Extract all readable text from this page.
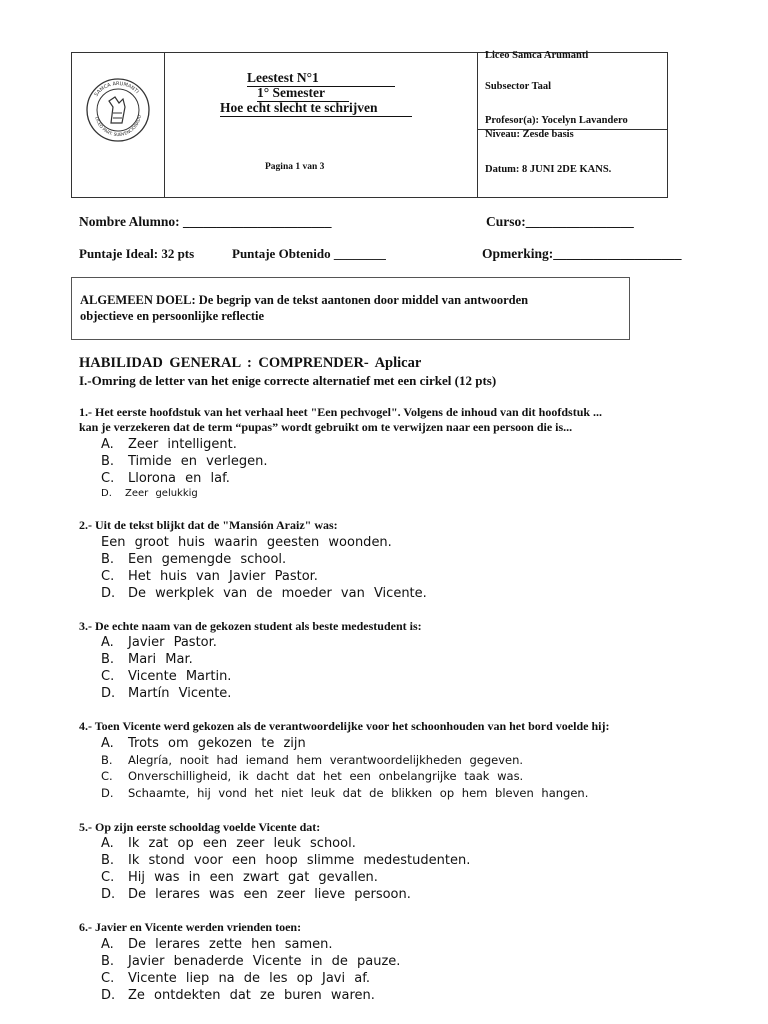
SAMCA ARUMANTI
LICEO PART. SUBVENCIONADO
Leestest N°1
1° Semester
Hoe echt slecht te schrijven
Pagina 1 van 3
Liceo Samca Arumanti
Subsector Taal
Profesor(a): Yocelyn Lavandero
Niveau: Zesde basis
Datum: 8 JUNI 2DE KANS.
Nombre Alumno: ______________________	Curso:________________
Puntaje Ideal: 32 pts	Puntaje Obtenido ________	Opmerking:___________________
ALGEMEEN DOEL: De begrip van de tekst aantonen door middel van antwoorden
objectieve en persoonlijke reflectie
HABILIDAD GENERAL : COMPRENDER- Aplicar
I.-Omring de letter van het enige correcte alternatief met een cirkel (12 pts)
1.- Het eerste hoofdstuk van het verhaal heet "Een pechvogel". Volgens de inhoud van dit hoofdstuk ...
kan je verzekeren dat de term “pupas” wordt gebruikt om te verwijzen naar een persoon die is...
A. Zeer intelligent.
B. Timide en verlegen.
C. Llorona en laf.
D. Zeer gelukkig
2.- Uit de tekst blijkt dat de "Mansión Araiz" was:
Een groot huis waarin geesten woonden.
B. Een gemengde school.
C. Het huis van Javier Pastor.
D. De werkplek van de moeder van Vicente.
3.- De echte naam van de gekozen student als beste medestudent is:
A. Javier Pastor.
B. Mari Mar.
C. Vicente Martin.
D. Martín Vicente.
4.- Toen Vicente werd gekozen als de verantwoordelijke voor het schoonhouden van het bord voelde hij:
A. Trots om gekozen te zijn
B. Alegría, nooit had iemand hem verantwoordelijkheden gegeven.
C. Onverschilligheid, ik dacht dat het een onbelangrijke taak was.
D. Schaamte, hij vond het niet leuk dat de blikken op hem bleven hangen.
5.- Op zijn eerste schooldag voelde Vicente dat:
A. Ik zat op een zeer leuk school.
B. Ik stond voor een hoop slimme medestudenten.
C. Hij was in een zwart gat gevallen.
D. De lerares was een zeer lieve persoon.
6.- Javier en Vicente werden vrienden toen:
A. De lerares zette hen samen.
B. Javier benaderde Vicente in de pauze.
C. Vicente liep na de les op Javi af.
D. Ze ontdekten dat ze buren waren.
